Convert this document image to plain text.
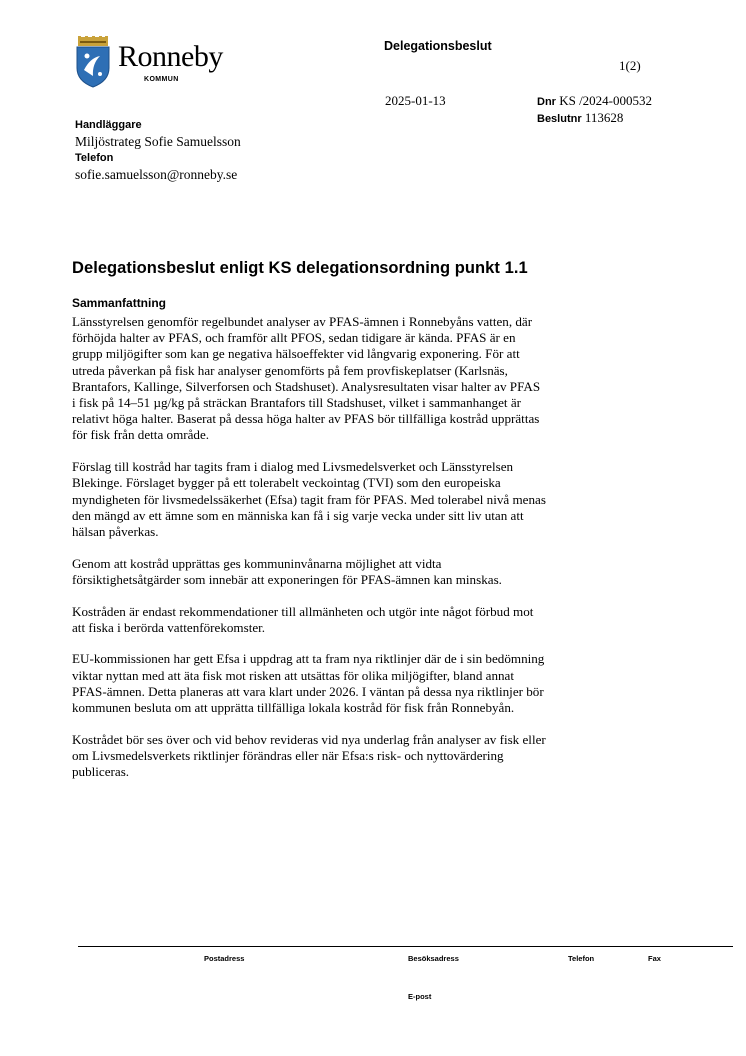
Ronneby
KOMMUN
Delegationsbeslut
1(2)
2025-01-13	Dnr KS /2024-000532
Beslutnr 113628
Handläggare
Miljöstrateg Sofie Samuelsson
Telefon
sofie.samuelsson@ronneby.se
Delegationsbeslut enligt KS delegationsordning punkt 1.1
Sammanfattning

Länsstyrelsen genomför regelbundet analyser av PFAS-ämnen i Ronnebyåns vatten, där
förhöjda halter av PFAS, och framför allt PFOS, sedan tidigare är kända. PFAS är en
grupp miljögifter som kan ge negativa hälsoeffekter vid långvarig exponering. För att
utreda påverkan på fisk har analyser genomförts på fem provfiskeplatser (Karlsnäs,
Brantafors, Kallinge, Silverforsen och Stadshuset). Analysresultaten visar halter av PFAS
i fisk på 14–51 µg/kg på sträckan Brantafors till Stadshuset, vilket i sammanhanget är
relativt höga halter. Baserat på dessa höga halter av PFAS bör tillfälliga kostråd upprättas
för fisk från detta område.

Förslag till kostråd har tagits fram i dialog med Livsmedelsverket och Länsstyrelsen
Blekinge. Förslaget bygger på ett tolerabelt veckointag (TVI) som den europeiska
myndigheten för livsmedelssäkerhet (Efsa) tagit fram för PFAS. Med tolerabel nivå menas
den mängd av ett ämne som en människa kan få i sig varje vecka under sitt liv utan att
hälsan påverkas.

Genom att kostråd upprättas ges kommuninvånarna möjlighet att vidta
försiktighetsåtgärder som innebär att exponeringen för PFAS-ämnen kan minskas.

Kostråden är endast rekommendationer till allmänheten och utgör inte något förbud mot
att fiska i berörda vattenförekomster.

EU-kommissionen har gett Efsa i uppdrag att ta fram nya riktlinjer där de i sin bedömning
viktar nyttan med att äta fisk mot risken att utsättas för olika miljögifter, bland annat
PFAS-ämnen. Detta planeras att vara klart under 2026. I väntan på dessa nya riktlinjer bör
kommunen besluta om att upprätta tillfälliga lokala kostråd för fisk från Ronnebyån.

Kostrådet bör ses över och vid behov revideras vid nya underlag från analyser av fisk eller
om Livsmedelsverkets riktlinjer förändras eller när Efsa:s risk- och nyttovärdering
publiceras.

Postadress	Besöksadress	Telefon	Fax
E-post
